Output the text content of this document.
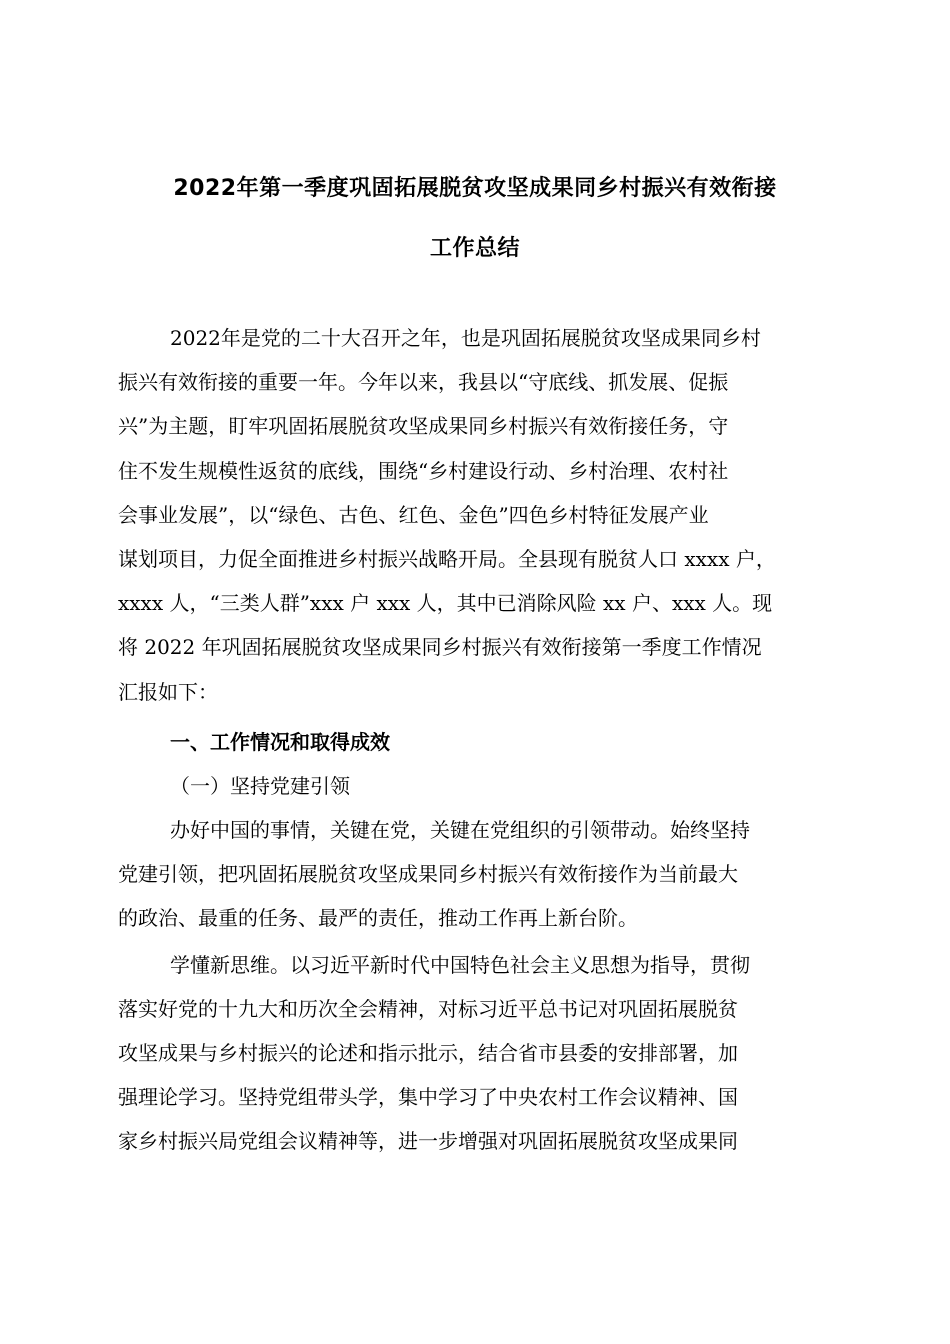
2022年第一季度巩固拓展脱贫攻坚成果同乡村振兴有效衔接
工作总结
2022年是党的二十大召开之年，也是巩固拓展脱贫攻坚成果同乡村
振兴有效衔接的重要一年。今年以来，我县以“守底线、抓发展、促振
兴”为主题，盯牢巩固拓展脱贫攻坚成果同乡村振兴有效衔接任务，守
住不发生规模性返贫的底线，围绕“乡村建设行动、乡村治理、农村社
会事业发展”，以“绿色、古色、红色、金色”四色乡村特征发展产业
谋划项目，力促全面推进乡村振兴战略开局。全县现有脱贫人口 xxxx 户，
xxxx 人，“三类人群”xxx 户 xxx 人，其中已消除风险 xx 户、xxx 人。现
将 2022 年巩固拓展脱贫攻坚成果同乡村振兴有效衔接第一季度工作情况
汇报如下：
一、工作情况和取得成效
（一）坚持党建引领
办好中国的事情，关键在党，关键在党组织的引领带动。始终坚持
党建引领，把巩固拓展脱贫攻坚成果同乡村振兴有效衔接作为当前最大
的政治、最重的任务、最严的责任，推动工作再上新台阶。
学懂新思维。以习近平新时代中国特色社会主义思想为指导，贯彻
落实好党的十九大和历次全会精神，对标习近平总书记对巩固拓展脱贫
攻坚成果与乡村振兴的论述和指示批示，结合省市县委的安排部署，加
强理论学习。坚持党组带头学，集中学习了中央农村工作会议精神、国
家乡村振兴局党组会议精神等，进一步增强对巩固拓展脱贫攻坚成果同
